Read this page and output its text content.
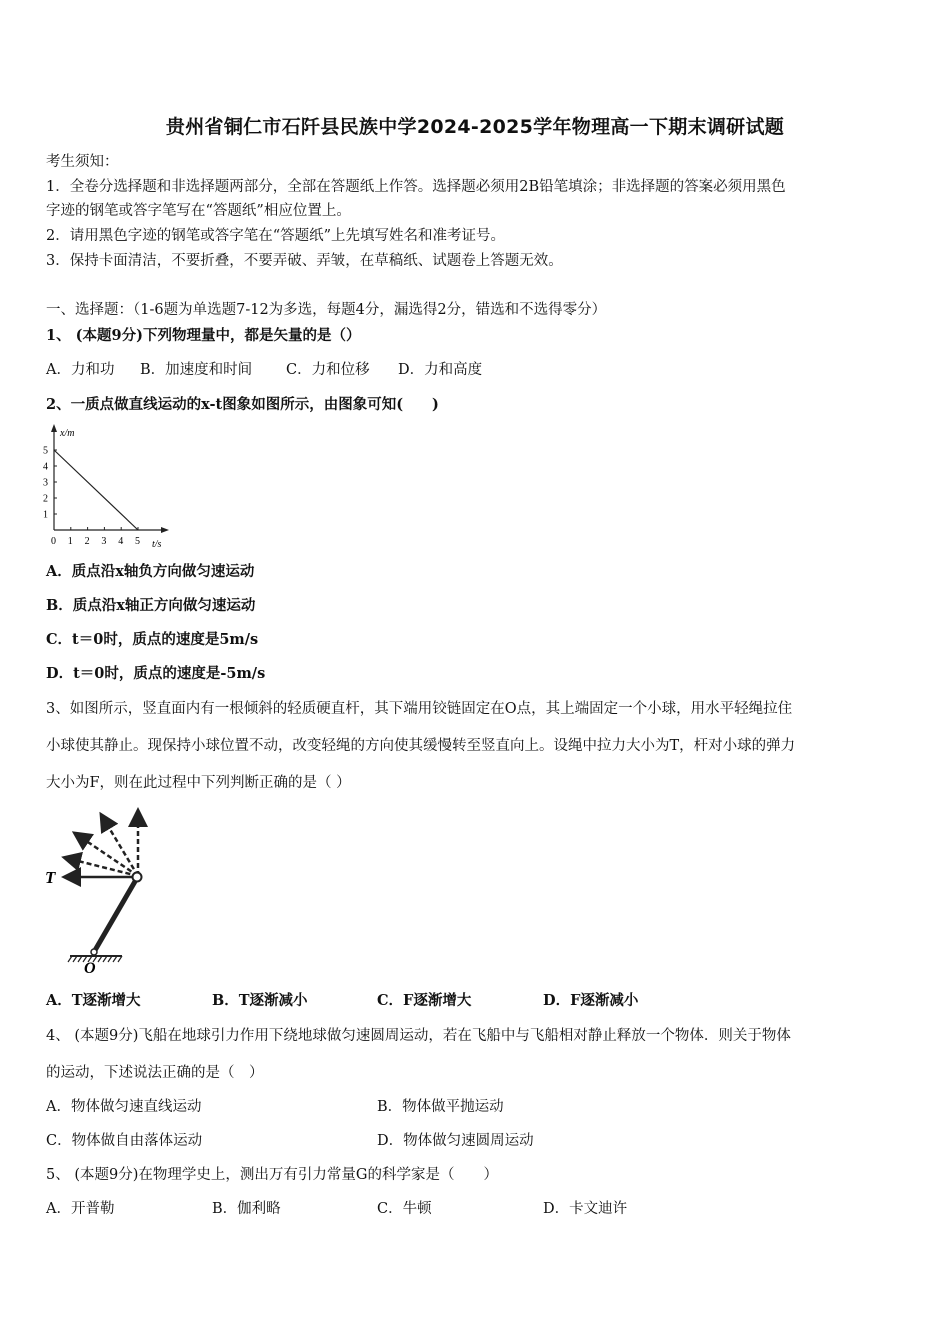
贵州省铜仁市石阡县民族中学2024-2025学年物理高一下期末调研试题
考生须知：
1．全卷分选择题和非选择题两部分，全部在答题纸上作答。选择题必须用2B铅笔填涂；非选择题的答案必须用黑色
字迹的钢笔或答字笔写在“答题纸”相应位置上。
2．请用黑色字迹的钢笔或答字笔在“答题纸”上先填写姓名和准考证号。
3．保持卡面清洁，不要折叠，不要弄破、弄皱，在草稿纸、试题卷上答题无效。
一、选择题：（1-6题为单选题7-12为多选，每题4分，漏选得2分，错选和不选得零分）
1、 (本题9分)下列物理量中，都是矢量的是（）
A．力和功 B．加速度和时间 C．力和位移 D．力和高度
2、一质点做直线运动的x-t图象如图所示，由图象可知(　　)
x/m
t/s
1
2
3
4
5
0 1 2 3 4 5
A．质点沿x轴负方向做匀速运动
B．质点沿x轴正方向做匀速运动
C．t＝0时，质点的速度是5m/s
D．t＝0时，质点的速度是-5m/s
3、如图所示，竖直面内有一根倾斜的轻质硬直杆，其下端用铰链固定在O点，其上端固定一个小球，用水平轻绳拉住
小球使其静止。现保持小球位置不动，改变轻绳的方向使其缓慢转至竖直向上。设绳中拉力大小为T，杆对小球的弹力
大小为F，则在此过程中下列判断正确的是（ ）
T
O
A．T逐渐增大	B．T逐渐减小	C．F逐渐增大	D．F逐渐减小
4、 (本题9分)飞船在地球引力作用下绕地球做匀速圆周运动，若在飞船中与飞船相对静止释放一个物体．则关于物体
的运动，下述说法正确的是（　）
A．物体做匀速直线运动	B．物体做平抛运动
C．物体做自由落体运动	D．物体做匀速圆周运动
5、 (本题9分)在物理学史上，测出万有引力常量G的科学家是（　　）
A．开普勒	B．伽利略	C．牛顿	D．卡文迪许
